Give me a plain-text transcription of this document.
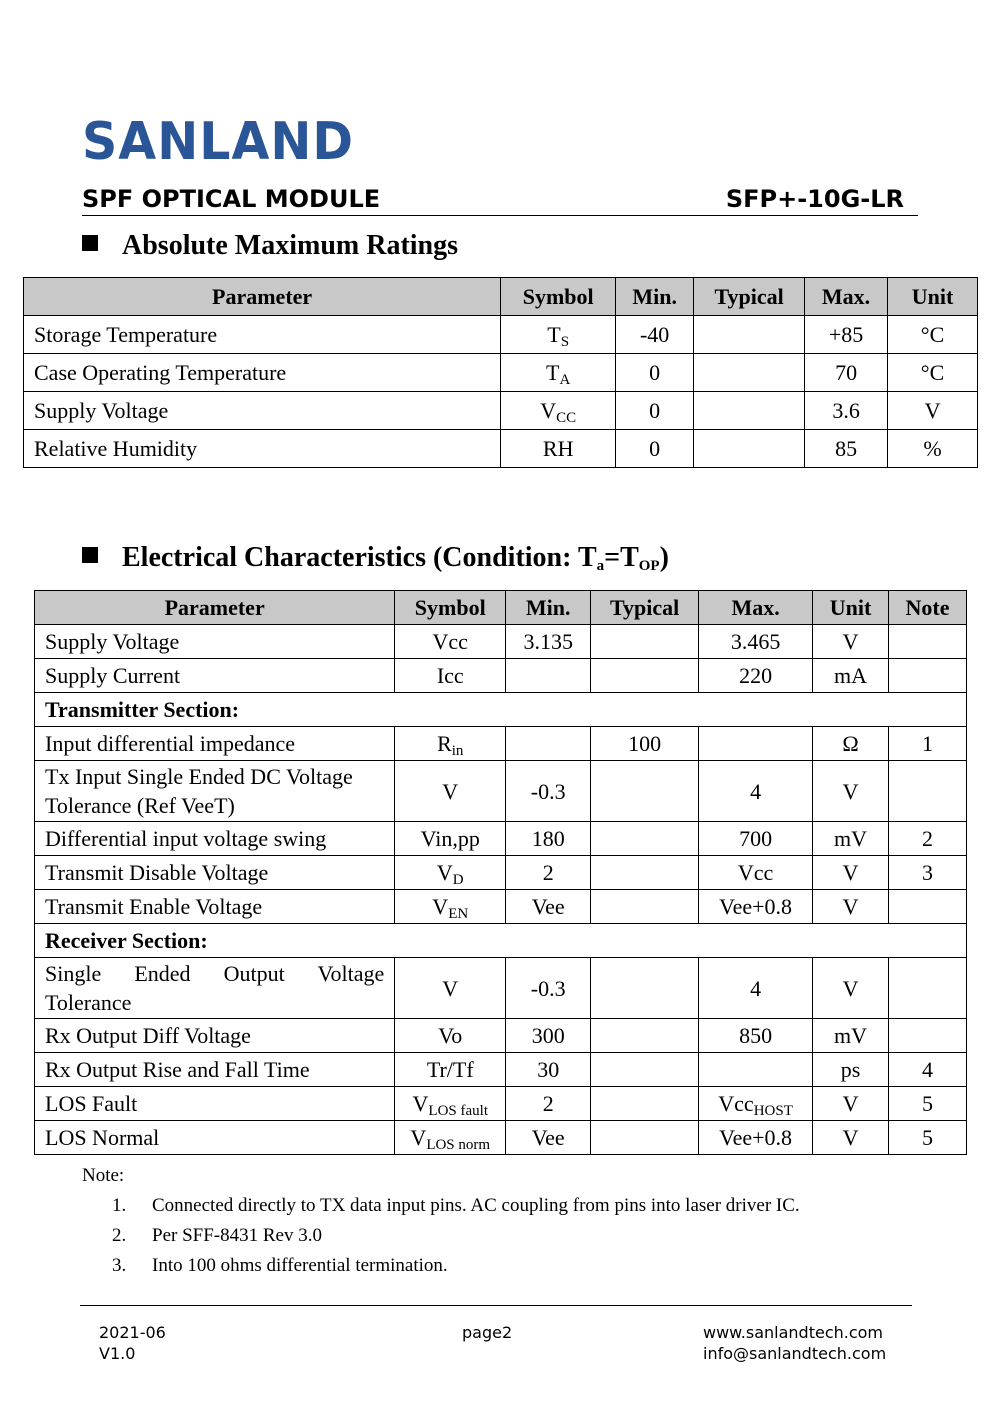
SANLAND
SPF OPTICAL MODULE	SFP+-10G-LR
Absolute Maximum Ratings
Parameter	Symbol	Min.	Typical	Max.	Unit
Storage Temperature	$T_S$	-40		+85	°C
Case Operating Temperature	$T_A$	0		70	°C
Supply Voltage	$V_{CC}$	0		3.6	V
Relative Humidity	RH	0		85	%
Electrical Characteristics (Condition: $T_a=T_{OP}$)
Parameter	Symbol	Min.	Typical	Max.	Unit	Note
Supply Voltage	Vcc	3.135		3.465	V	
Supply Current	Icc			220	mA	
Transmitter Section:						
Input differential impedance	$R_{in}$		100		Ω	1
Tx Input Single Ended DC Voltage Tolerance (Ref VeeT)	V	-0.3		4	V	
Differential input voltage swing	Vin,pp	180		700	mV	2
Transmit Disable Voltage	$V_D$	2		Vcc	V	3
Transmit Enable Voltage	$V_{EN}$	Vee		Vee+0.8	V	
Receiver Section:						
Single Ended Output Voltage Tolerance	V	-0.3		4	V	
Rx Output Diff Voltage	Vo	300		850	mV	
Rx Output Rise and Fall Time	Tr/Tf	30			ps	4
LOS Fault	$V_{LOS fault}$	2		Vcc$_{HOST}$	V	5
LOS Normal	$V_{LOS norm}$	Vee		Vee+0.8	V	5
Note:
1.	Connected directly to TX data input pins. AC coupling from pins into laser driver IC.
2.	Per SFF-8431 Rev 3.0
3.	Into 100 ohms differential termination.
2021-06
V1.0
page2	www.sanlandtech.com
info@sanlandtech.com
